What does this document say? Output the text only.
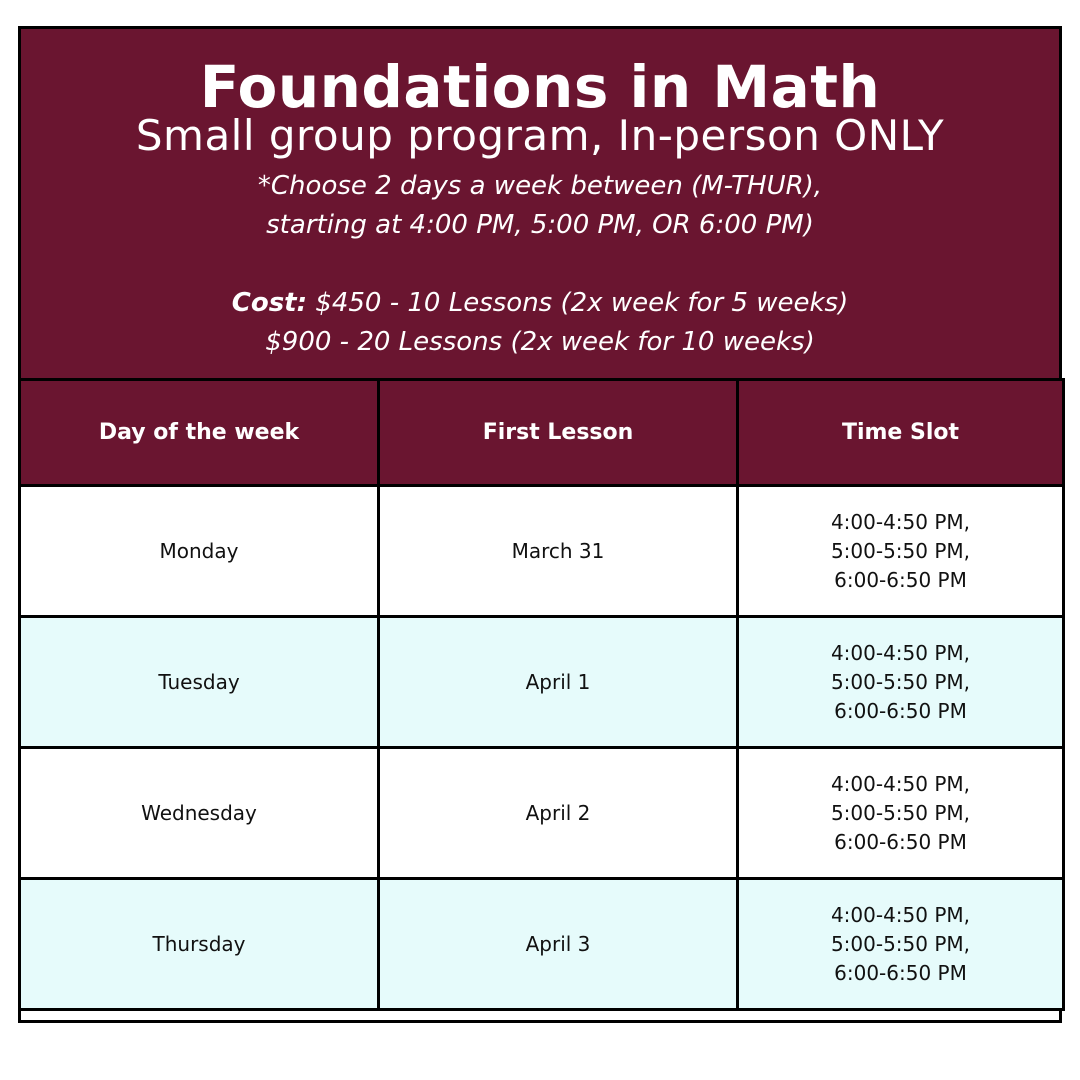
Foundations in Math
Small group program, In-person ONLY
*Choose 2 days a week between (M-THUR),
starting at 4:00 PM, 5:00 PM, OR 6:00 PM)
Cost: $450 - 10 Lessons (2x week for 5 weeks)
$900 - 20 Lessons (2x week for 10 weeks)
Day of the week	First Lesson	Time Slot
Monday	March 31	4:00-4:50 PM,
5:00-5:50 PM,
6:00-6:50 PM

Tuesday	April 1	4:00-4:50 PM,
5:00-5:50 PM,
6:00-6:50 PM

Wednesday	April 2	4:00-4:50 PM,
5:00-5:50 PM,
6:00-6:50 PM

Thursday	April 3	4:00-4:50 PM,
5:00-5:50 PM,
6:00-6:50 PM
